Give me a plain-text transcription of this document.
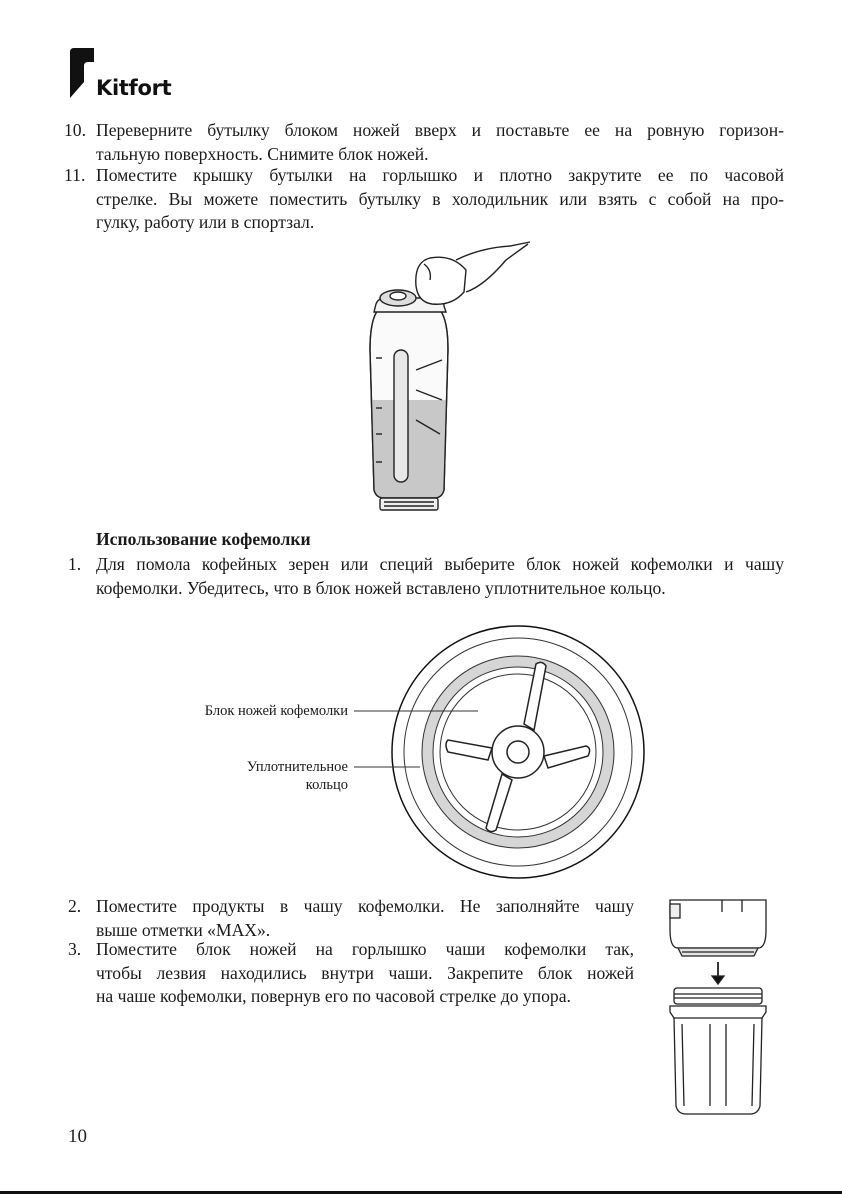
Kitfort
10. Переверните бутылку блоком ножей вверх и поставьте ее на ровную горизон-
тальную поверхность. Снимите блок ножей.
11. Поместите крышку бутылки на горлышко и плотно закрутите ее по часовой
стрелке. Вы можете поместить бутылку в холодильник или взять с собой на про-
гулку, работу или в спортзал.
Использование кофемолки
1. Для помола кофейных зерен или специй выберите блок ножей кофемолки и чашу
кофемолки. Убедитесь, что в блок ножей вставлено уплотнительное кольцо.
Блок ножей кофемолки
Уплотнительное
кольцо
2. Поместите продукты в чашу кофемолки. Не заполняйте чашу
выше отметки «MAX».
3. Поместите блок ножей на горлышко чаши кофемолки так,
чтобы лезвия находились внутри чаши. Закрепите блок ножей
на чаше кофемолки, повернув его по часовой стрелке до упора.
10
